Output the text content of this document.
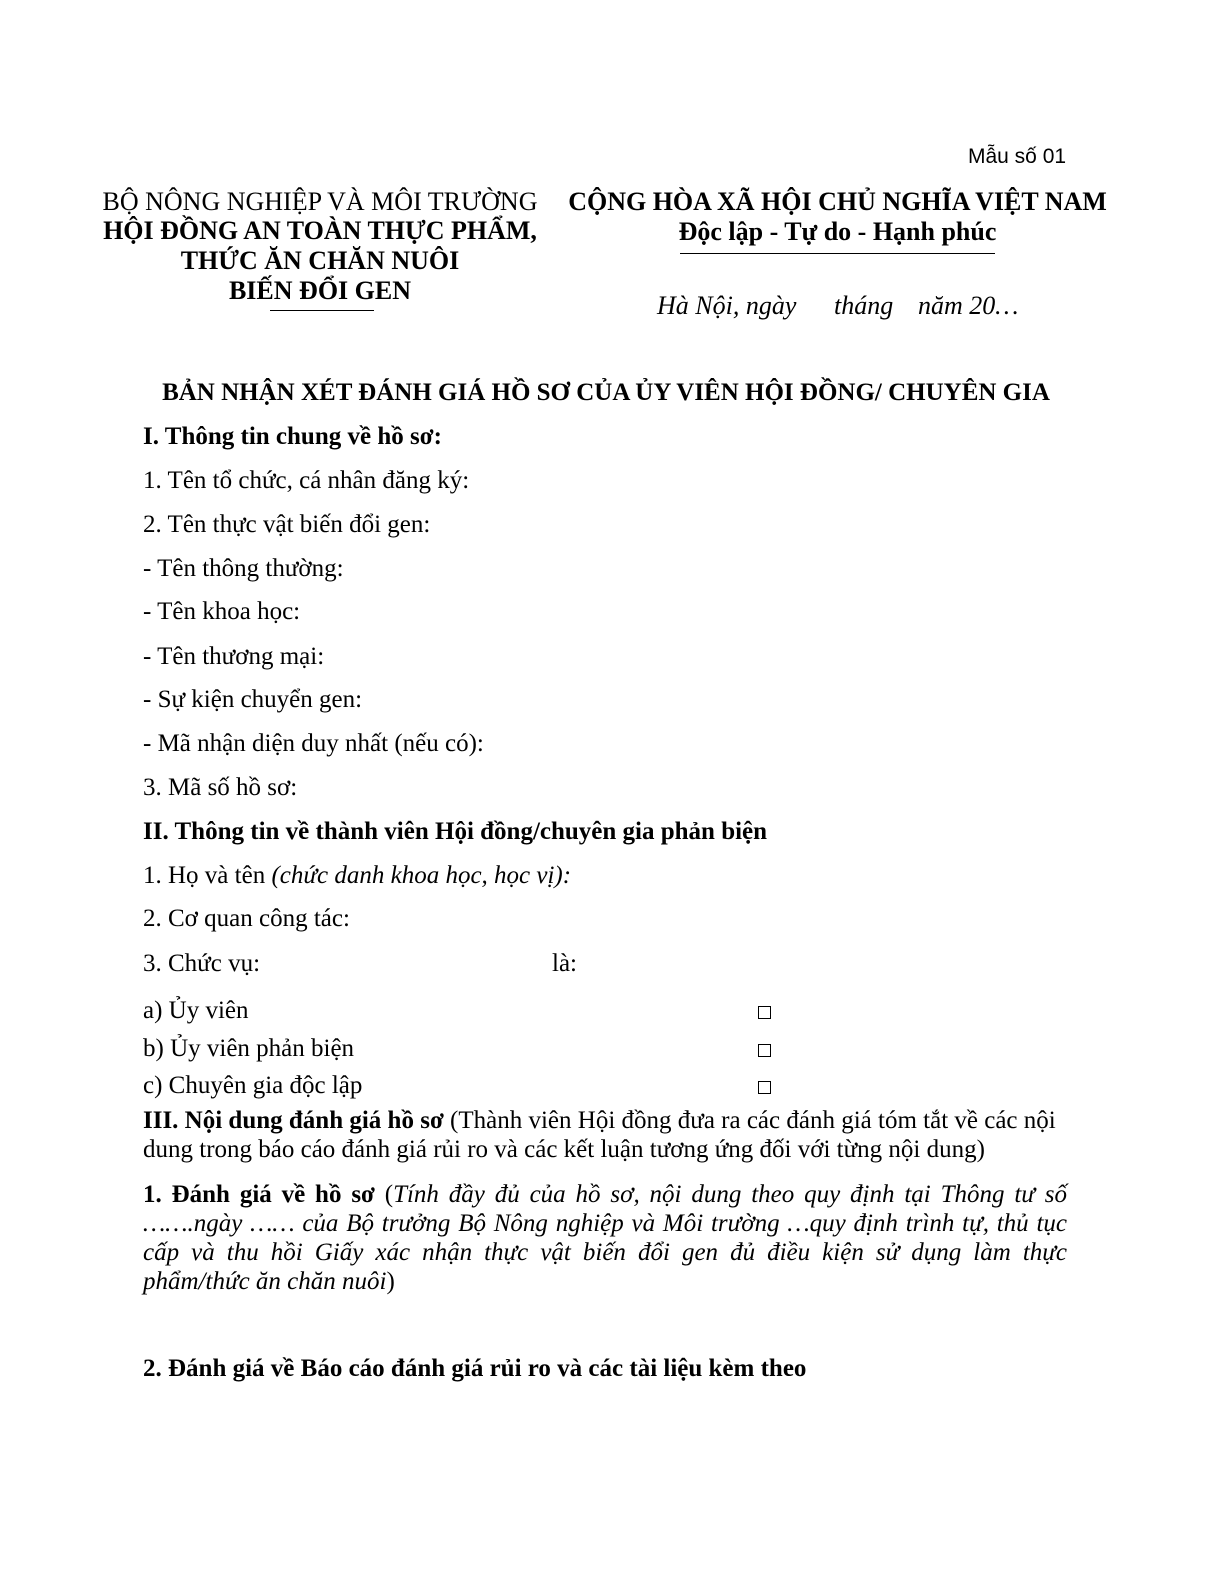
Mẫu số 01
BỘ NÔNG NGHIỆP VÀ MÔI TRƯỜNG
HỘI ĐỒNG AN TOÀN THỰC PHẨM,
THỨC ĂN CHĂN NUÔI
BIẾN ĐỔI GEN
CỘNG HÒA XÃ HỘI CHỦ NGHĨA VIỆT NAM
Độc lập - Tự do - Hạnh phúc
Hà Nội, ngày tháng năm 20…
BẢN NHẬN XÉT ĐÁNH GIÁ HỒ SƠ CỦA ỦY VIÊN HỘI ĐỒNG/ CHUYÊN GIA
I. Thông tin chung về hồ sơ:
1. Tên tổ chức, cá nhân đăng ký:
2. Tên thực vật biến đổi gen:
- Tên thông thường:
- Tên khoa học:
- Tên thương mại:
- Sự kiện chuyển gen:
- Mã nhận diện duy nhất (nếu có):
3. Mã số hồ sơ:
II. Thông tin về thành viên Hội đồng/chuyên gia phản biện
1. Họ và tên (chức danh khoa học, học vị):
2. Cơ quan công tác:
3. Chức vụ:	là:
a) Ủy viên
b) Ủy viên phản biện
c) Chuyên gia độc lập
III. Nội dung đánh giá hồ sơ (Thành viên Hội đồng đưa ra các đánh giá tóm tắt về các nội dung trong báo cáo đánh giá rủi ro và các kết luận tương ứng đối với từng nội dung)
1. Đánh giá về hồ sơ (Tính đầy đủ của hồ sơ, nội dung theo quy định tại Thông tư số …….ngày …… của Bộ trưởng Bộ Nông nghiệp và Môi trường …quy định trình tự, thủ tục cấp và thu hồi Giấy xác nhận thực vật biến đổi gen đủ điều kiện sử dụng làm thực phẩm/thức ăn chăn nuôi)
2. Đánh giá về Báo cáo đánh giá rủi ro và các tài liệu kèm theo
